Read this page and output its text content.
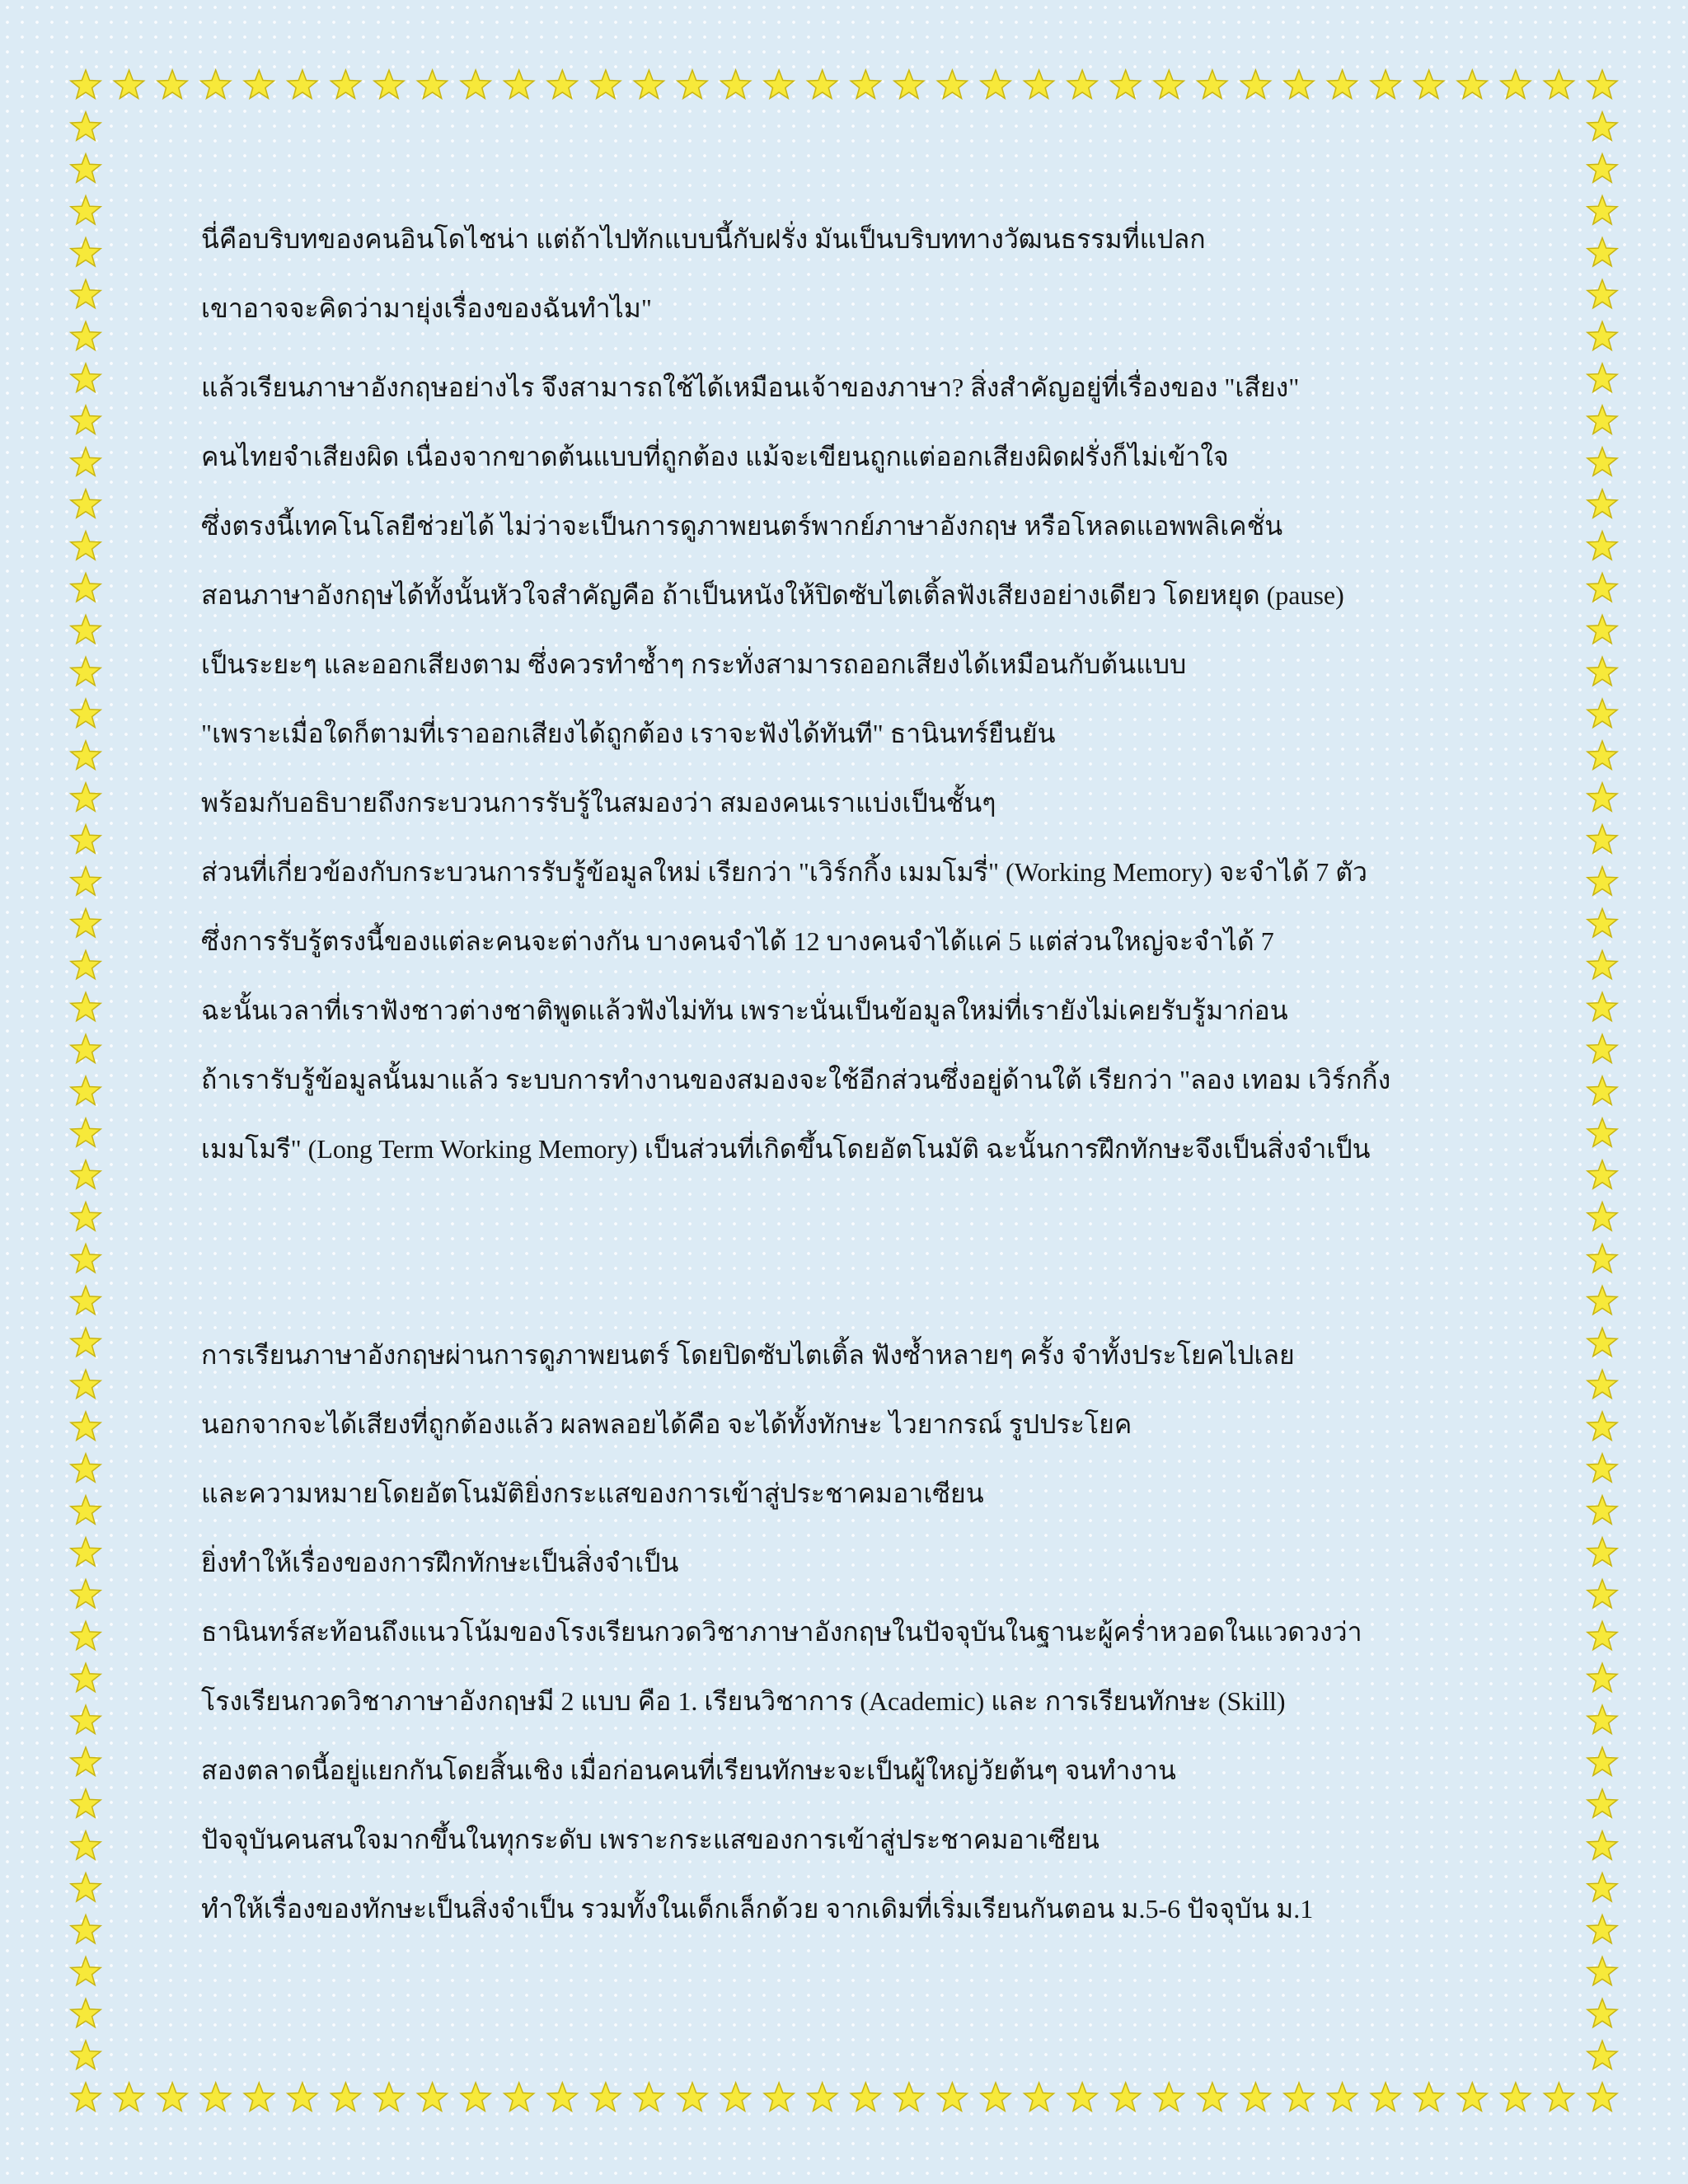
นี่คือบริบทของคนอินโดไชน่า แต่ถ้าไปทักแบบนี้กับฝรั่ง มันเป็นบริบททางวัฒนธรรมที่แปลก
เขาอาจจะคิดว่ามายุ่งเรื่องของฉันทำไม"
แล้วเรียนภาษาอังกฤษอย่างไร จึงสามารถใช้ได้เหมือนเจ้าของภาษา? สิ่งสำคัญอยู่ที่เรื่องของ "เสียง"
คนไทยจำเสียงผิด เนื่องจากขาดต้นแบบที่ถูกต้อง แม้จะเขียนถูกแต่ออกเสียงผิดฝรั่งก็ไม่เข้าใจ
ซึ่งตรงนี้เทคโนโลยีช่วยได้ ไม่ว่าจะเป็นการดูภาพยนตร์พากย์ภาษาอังกฤษ หรือโหลดแอพพลิเคชั่น
สอนภาษาอังกฤษได้ทั้งนั้นหัวใจสำคัญคือ ถ้าเป็นหนังให้ปิดซับไตเติ้ลฟังเสียงอย่างเดียว โดยหยุด (pause)
เป็นระยะๆ และออกเสียงตาม ซึ่งควรทำซ้ำๆ กระทั่งสามารถออกเสียงได้เหมือนกับต้นแบบ
"เพราะเมื่อใดก็ตามที่เราออกเสียงได้ถูกต้อง เราจะฟังได้ทันที" ธานินทร์ยืนยัน
พร้อมกับอธิบายถึงกระบวนการรับรู้ในสมองว่า สมองคนเราแบ่งเป็นชั้นๆ
ส่วนที่เกี่ยวข้องกับกระบวนการรับรู้ข้อมูลใหม่ เรียกว่า "เวิร์กกิ้ง เมมโมรี่" (Working Memory) จะจำได้ 7 ตัว
ซึ่งการรับรู้ตรงนี้ของแต่ละคนจะต่างกัน บางคนจำได้ 12 บางคนจำได้แค่ 5 แต่ส่วนใหญ่จะจำได้ 7
ฉะนั้นเวลาที่เราฟังชาวต่างชาติพูดแล้วฟังไม่ทัน เพราะนั่นเป็นข้อมูลใหม่ที่เรายังไม่เคยรับรู้มาก่อน
ถ้าเรารับรู้ข้อมูลนั้นมาแล้ว ระบบการทำงานของสมองจะใช้อีกส่วนซึ่งอยู่ด้านใต้ เรียกว่า "ลอง เทอม เวิร์กกิ้ง
เมมโมรี" (Long Term Working Memory) เป็นส่วนที่เกิดขึ้นโดยอัตโนมัติ ฉะนั้นการฝึกทักษะจึงเป็นสิ่งจำเป็น
การเรียนภาษาอังกฤษผ่านการดูภาพยนตร์ โดยปิดซับไตเติ้ล ฟังซ้ำหลายๆ ครั้ง จำทั้งประโยคไปเลย
นอกจากจะได้เสียงที่ถูกต้องแล้ว ผลพลอยได้คือ จะได้ทั้งทักษะ ไวยากรณ์ รูปประโยค
และความหมายโดยอัตโนมัติยิ่งกระแสของการเข้าสู่ประชาคมอาเซียน
ยิ่งทำให้เรื่องของการฝึกทักษะเป็นสิ่งจำเป็น
ธานินทร์สะท้อนถึงแนวโน้มของโรงเรียนกวดวิชาภาษาอังกฤษในปัจจุบันในฐานะผู้คร่ำหวอดในแวดวงว่า
โรงเรียนกวดวิชาภาษาอังกฤษมี 2 แบบ คือ 1. เรียนวิชาการ (Academic) และ การเรียนทักษะ (Skill)
สองตลาดนี้อยู่แยกกันโดยสิ้นเชิง เมื่อก่อนคนที่เรียนทักษะจะเป็นผู้ใหญ่วัยต้นๆ จนทำงาน
ปัจจุบันคนสนใจมากขึ้นในทุกระดับ เพราะกระแสของการเข้าสู่ประชาคมอาเซียน
ทำให้เรื่องของทักษะเป็นสิ่งจำเป็น รวมทั้งในเด็กเล็กด้วย จากเดิมที่เริ่มเรียนกันตอน ม.5-6 ปัจจุบัน ม.1
